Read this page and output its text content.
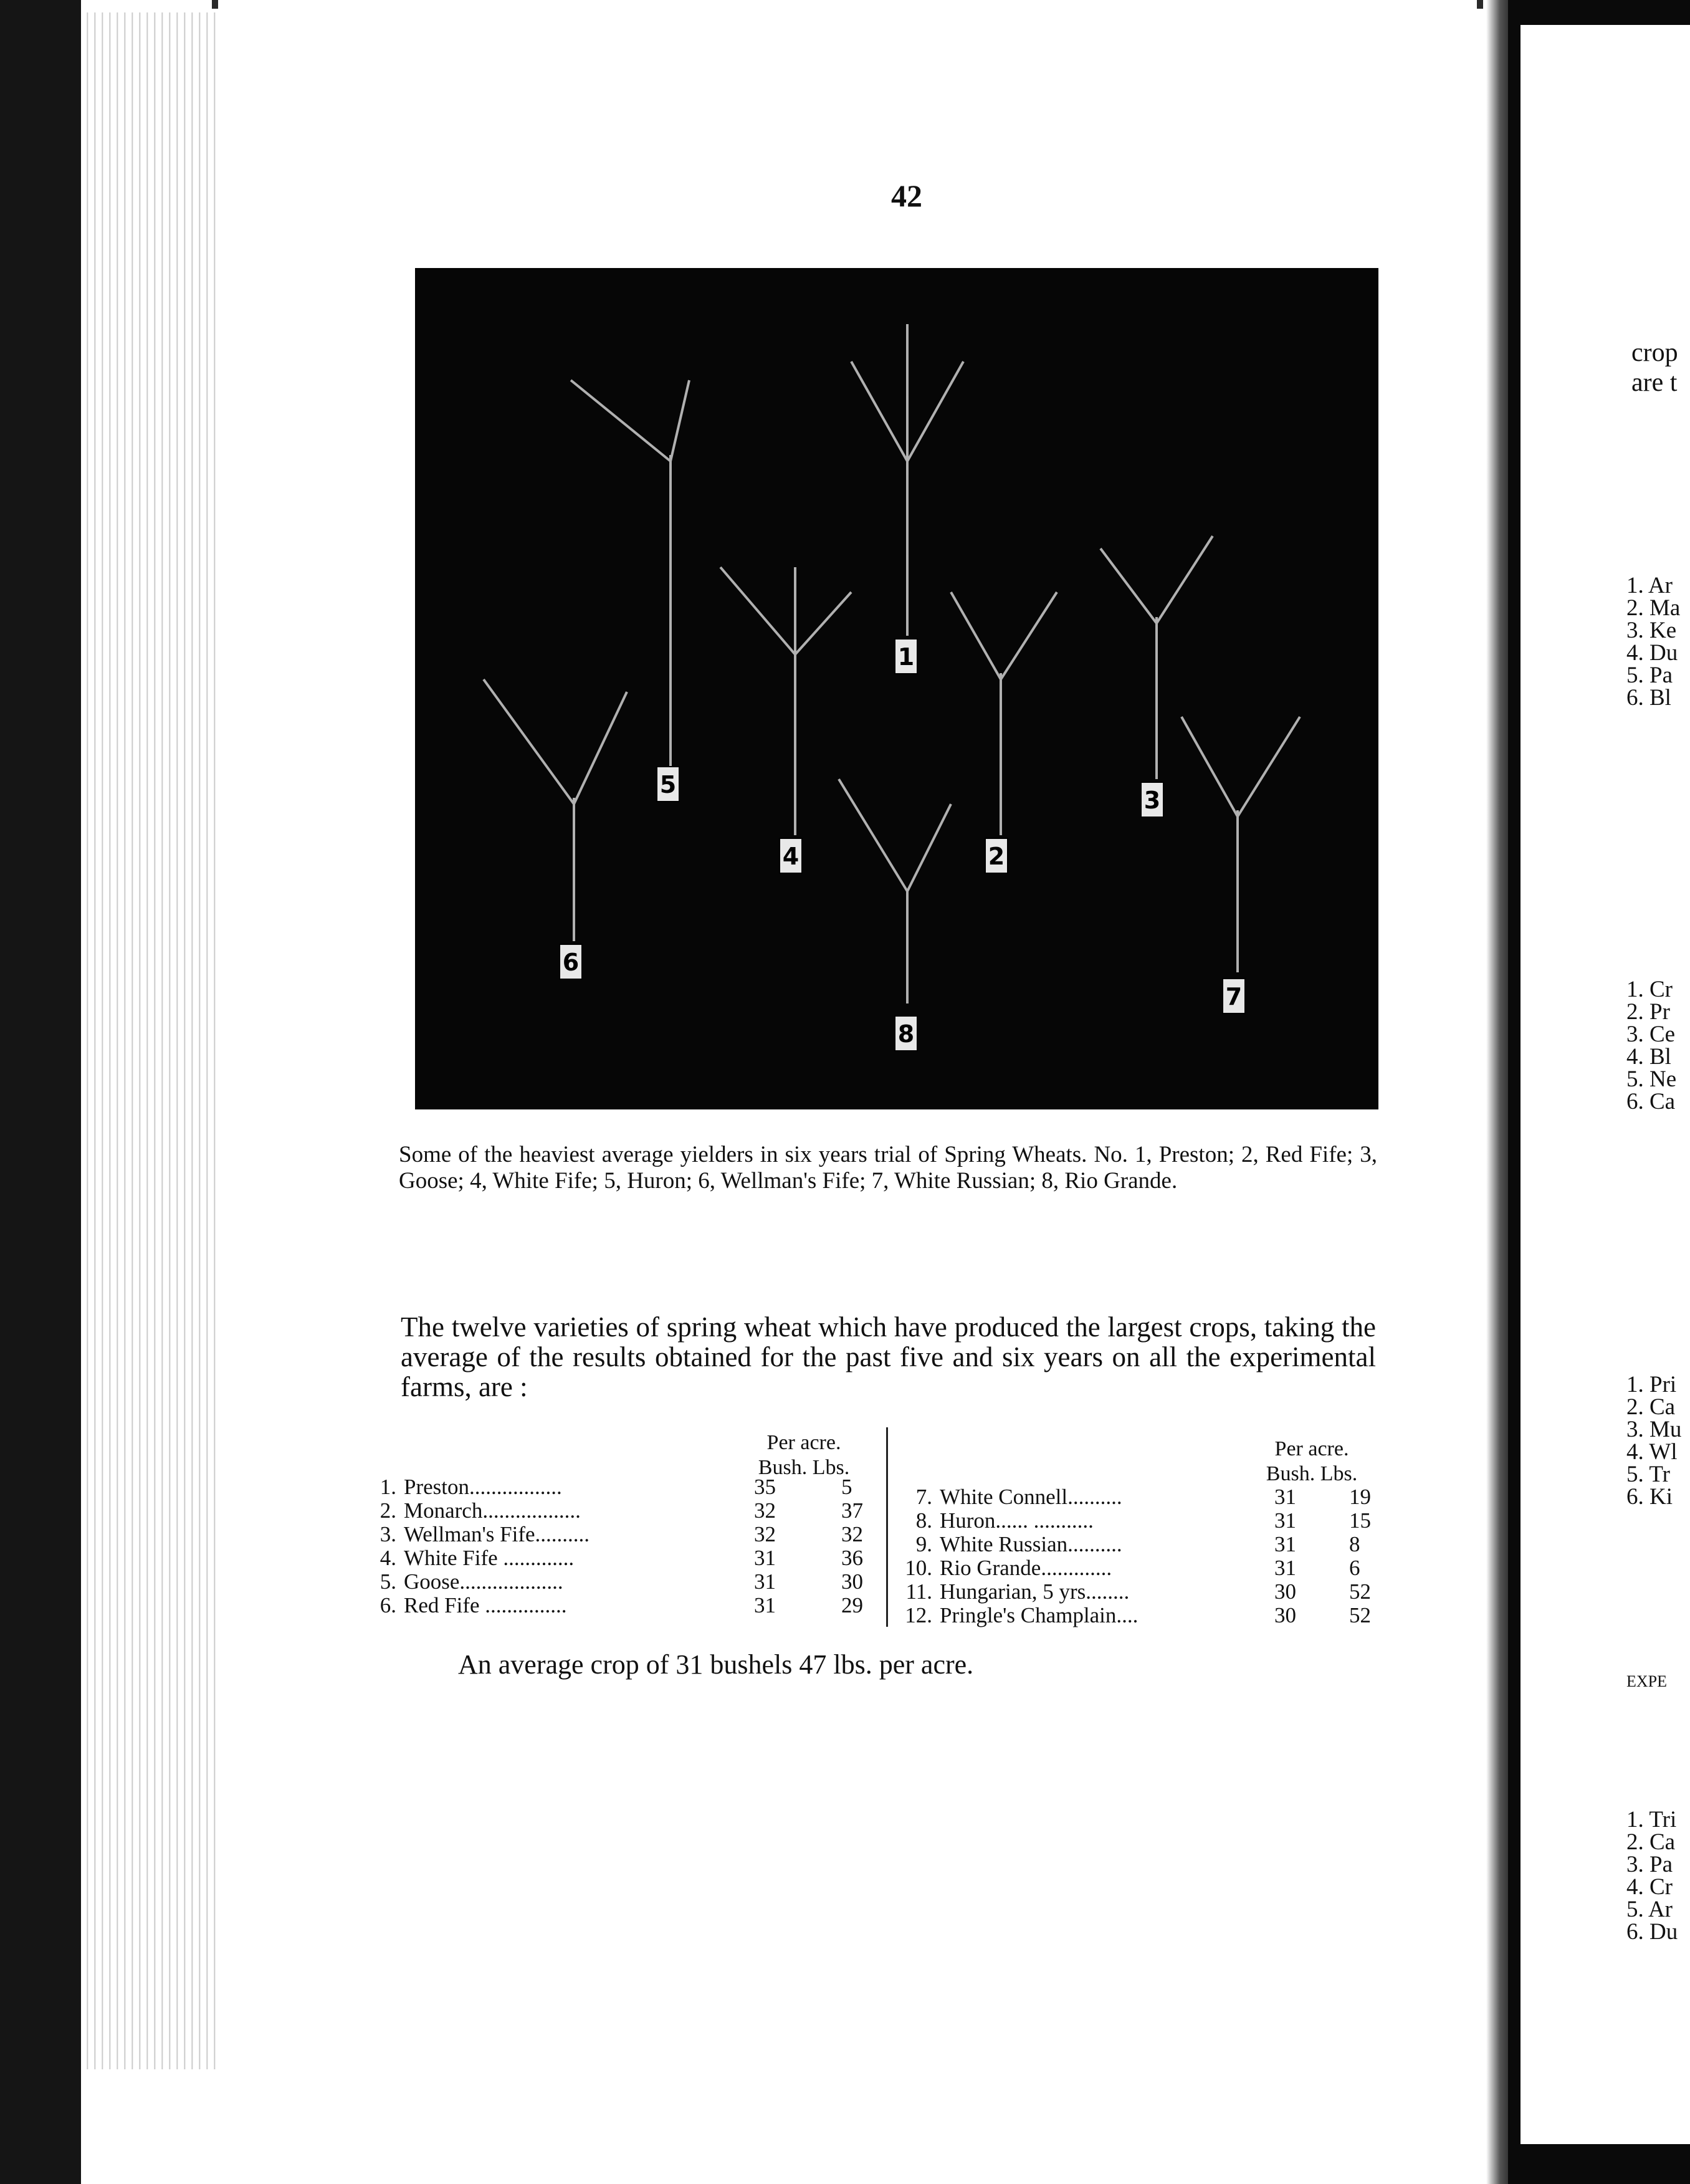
42
1
2
3
4
5
6
7
8

Some of the heaviest average yielders in six years trial of Spring Wheats. No. 1, Preston; 2, Red Fife; 3, Goose; 4, White Fife; 5, Huron; 6, Wellman's Fife; 7, White Russian; 8, Rio Grande.

The twelve varieties of spring wheat which have produced the largest crops, taking the average of the results obtained for the past five and six years on all the experimental farms, are :
Per acre.
Bush. Lbs.
Per acre.
Bush. Lbs.
1. Preston.................
2. Monarch..................
3. Wellman's Fife..........
4. White Fife .............
5. Goose...................
6. Red Fife ...............
35
32
32
31
31
31
5
37
32
36
30
29
7. White Connell..........
8. Huron...... ...........
9. White Russian..........
10. Rio Grande.............
11. Hungarian, 5 yrs........
12. Pringle's Champlain....
31
31
31
31
30
30
19
15
8
6
52
52
An average crop of 31 bushels 47 lbs. per acre.
crop
are t
1. Ar
2. Ma
3. Ke
4. Du
5. Pa
6. Bl
1. Cr
2. Pr
3. Ce
4. Bl
5. Ne
6. Ca
1. Pri
2. Ca
3. Mu
4. Wl
5. Tr
6. Ki
EXPE
1. Tri
2. Ca
3. Pa
4. Cr
5. Ar
6. Du
